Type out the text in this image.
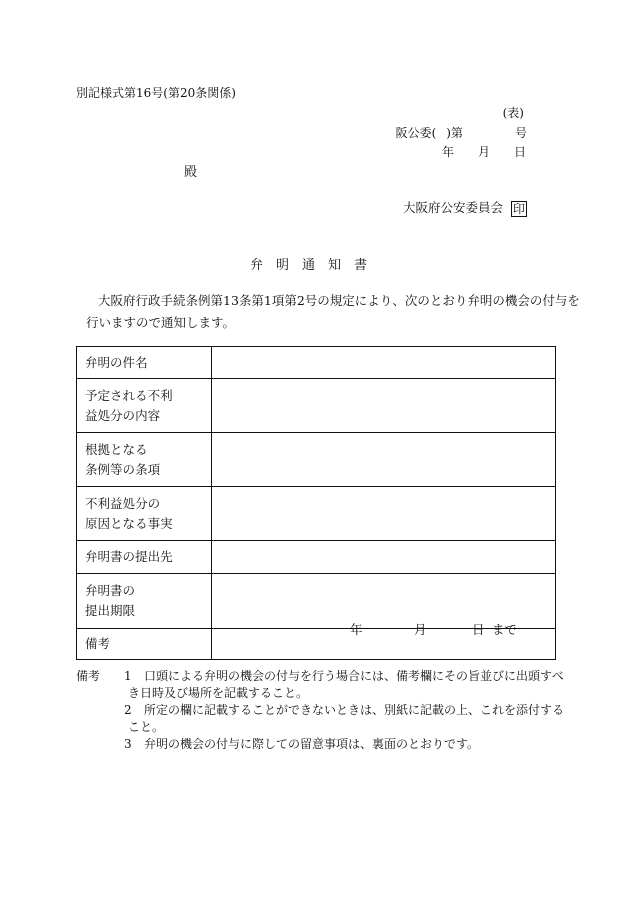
別記様式第16号(第20条関係)
(表)
阪公委( )第	号
年 月 日
殿
大阪府公安委員会 印
弁明通知書
大阪府行政手続条例第13条第1項第2号の規定により、次のとおり弁明の機会の付与を
行いますので通知します。
弁明の件名	

予定される不利
益処分の内容	

根拠となる
条例等の条項	

不利益処分の
原因となる事実	

弁明書の提出先	

弁明書の
提出期限	年 月 日 まで

備考	

備考 1 口頭による弁明の機会の付与を行う場合には、備考欄にその旨並びに出頭すべ
き日時及び場所を記載すること。
2 所定の欄に記載することができないときは、別紙に記載の上、これを添付する
こと。
3 弁明の機会の付与に際しての留意事項は、裏面のとおりです。
